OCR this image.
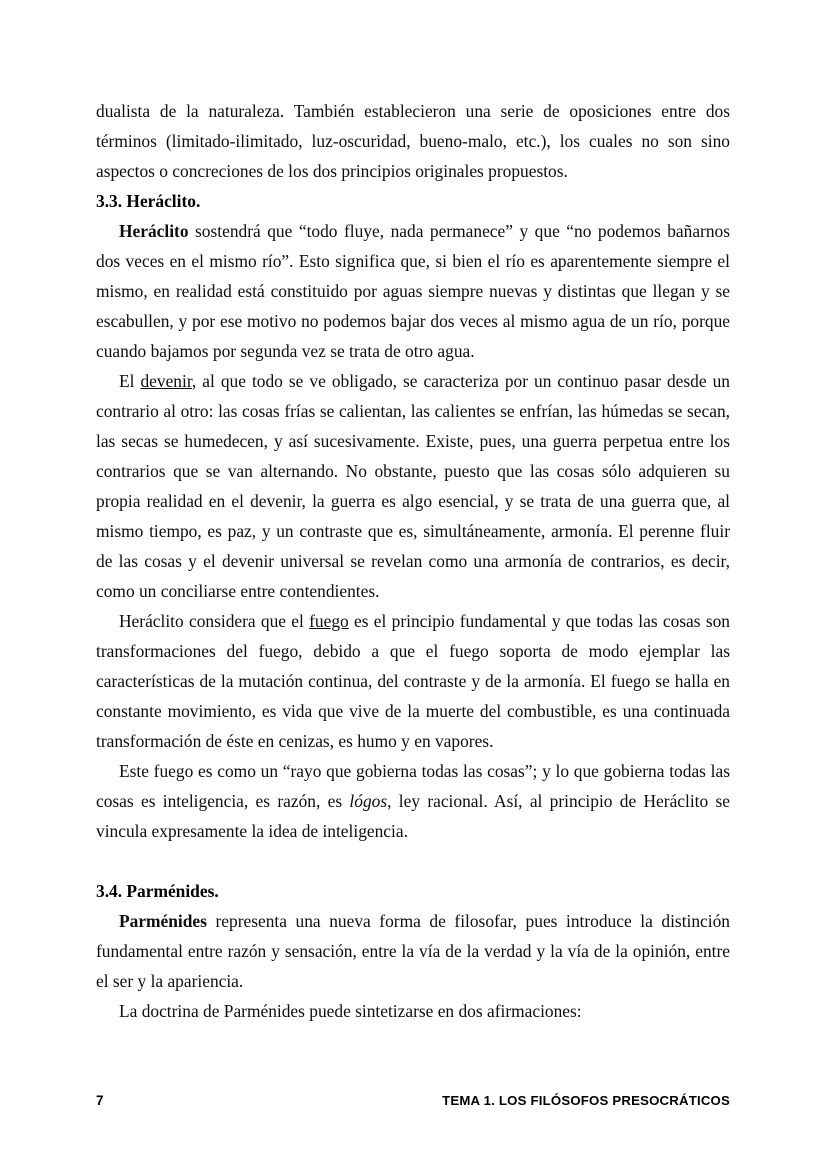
dualista de la naturaleza. También establecieron una serie de oposiciones entre dos términos (limitado-ilimitado, luz-oscuridad, bueno-malo, etc.), los cuales no son sino aspectos o concreciones de los dos principios originales propuestos.

3.3. Heráclito.

Heráclito sostendrá que “todo fluye, nada permanece” y que “no podemos bañarnos dos veces en el mismo río”. Esto significa que, si bien el río es aparentemente siempre el mismo, en realidad está constituido por aguas siempre nuevas y distintas que llegan y se escabullen, y por ese motivo no podemos bajar dos veces al mismo agua de un río, porque cuando bajamos por segunda vez se trata de otro agua.

El devenir, al que todo se ve obligado, se caracteriza por un continuo pasar desde un contrario al otro: las cosas frías se calientan, las calientes se enfrían, las húmedas se secan, las secas se humedecen, y así sucesivamente. Existe, pues, una guerra perpetua entre los contrarios que se van alternando. No obstante, puesto que las cosas sólo adquieren su propia realidad en el devenir, la guerra es algo esencial, y se trata de una guerra que, al mismo tiempo, es paz, y un contraste que es, simultáneamente, armonía. El perenne fluir de las cosas y el devenir universal se revelan como una armonía de contrarios, es decir, como un conciliarse entre contendientes.

Heráclito considera que el fuego es el principio fundamental y que todas las cosas son transformaciones del fuego, debido a que el fuego soporta de modo ejemplar las características de la mutación continua, del contraste y de la armonía. El fuego se halla en constante movimiento, es vida que vive de la muerte del combustible, es una continuada transformación de éste en cenizas, es humo y en vapores.

Este fuego es como un “rayo que gobierna todas las cosas”; y lo que gobierna todas las cosas es inteligencia, es razón, es lógos, ley racional. Así, al principio de Heráclito se vincula expresamente la idea de inteligencia.

3.4. Parménides.

Parménides representa una nueva forma de filosofar, pues introduce la distinción fundamental entre razón y sensación, entre la vía de la verdad y la vía de la opinión, entre el ser y la apariencia.

La doctrina de Parménides puede sintetizarse en dos afirmaciones:

7	TEMA 1. LOS FILÓSOFOS PRESOCRÁTICOS
